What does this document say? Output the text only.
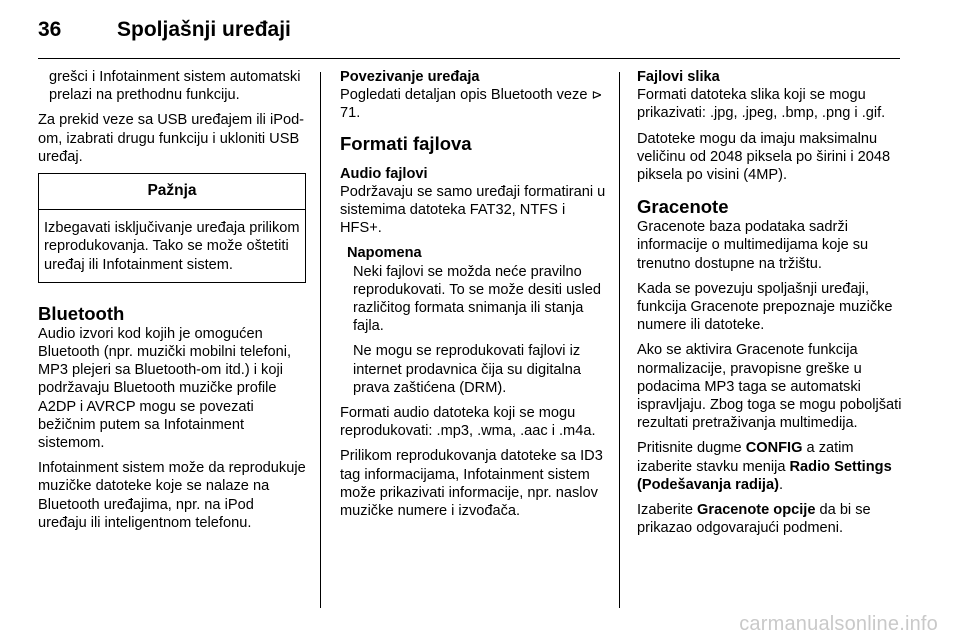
36	Spoljašnji uređaji

grešci i Infotainment sistem automatski prelazi na prethodnu funkciju.

Za prekid veze sa USB uređajem ili iPod-om, izabrati drugu funkciju i ukloniti USB uređaj.

Pažnja
Izbegavati isključivanje uređaja prilikom reprodukovanja. Tako se može oštetiti uređaj ili Infotainment sistem.
Bluetooth

Audio izvori kod kojih je omogućen Bluetooth (npr. muzički mobilni telefoni, MP3 plejeri sa Bluetooth-om itd.) i koji podržavaju Bluetooth muzičke profile A2DP i AVRCP mogu se povezati bežičnim putem sa Infotainment sistemom.

Infotainment sistem može da reprodukuje muzičke datoteke koje se nalaze na Bluetooth uređajima, npr. na iPod uređaju ili inteligentnom telefonu.

Povezivanje uređaja

Pogledati detaljan opis Bluetooth veze ⊳ 71.

Formati fajlova
Audio fajlovi

Podržavaju se samo uređaji formatirani u sistemima datoteka FAT32, NTFS i HFS+.

Napomena

Neki fajlovi se možda neće pravilno reprodukovati. To se može desiti usled različitog formata snimanja ili stanja fajla.

Ne mogu se reprodukovati fajlovi iz internet prodavnica čija su digitalna prava zaštićena (DRM).

Formati audio datoteka koji se mogu reprodukovati: .mp3, .wma, .aac i .m4a.

Prilikom reprodukovanja datoteke sa ID3 tag informacijama, Infotainment sistem može prikazivati informacije, npr. naslov muzičke numere i izvođača.

Fajlovi slika

Formati datoteka slika koji se mogu prikazivati: .jpg, .jpeg, .bmp, .png i .gif.

Datoteke mogu da imaju maksimalnu veličinu od 2048 piksela po širini i 2048 piksela po visini (4MP).

Gracenote

Gracenote baza podataka sadrži informacije o multimedijama koje su trenutno dostupne na tržištu.

Kada se povezuju spoljašnji uređaji, funkcija Gracenote prepoznaje muzičke numere ili datoteke.

Ako se aktivira Gracenote funkcija normalizacije, pravopisne greške u podacima MP3 taga se automatski ispravljaju. Zbog toga se mogu poboljšati rezultati pretraživanja multimedija.

Pritisnite dugme CONFIG a zatim izaberite stavku menija Radio Settings (Podešavanja radija).

Izaberite Gracenote opcije da bi se prikazao odgovarajući podmeni.

carmanualsonline.info
